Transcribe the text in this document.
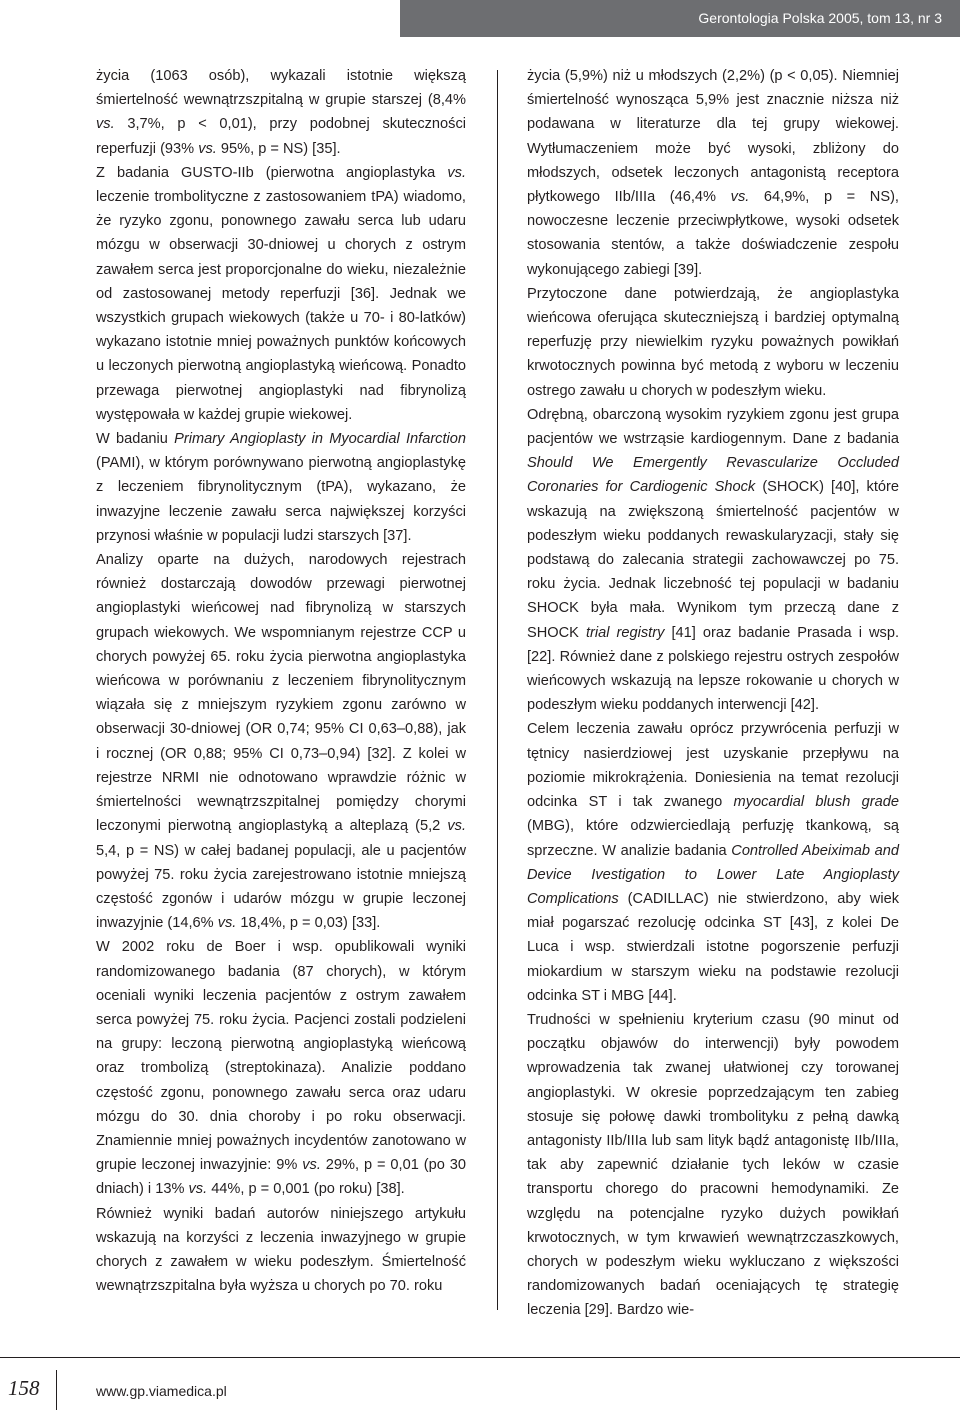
Gerontologia Polska 2005, tom 13, nr 3

życia (1063 osób), wykazali istotnie większą śmiertelność wewnątrzszpitalną w grupie starszej (8,4% vs. 3,7%, p < 0,01), przy podobnej skuteczności reperfuzji (93% vs. 95%, p = NS) [35].

Z badania GUSTO-IIb (pierwotna angioplastyka vs. leczenie trombolityczne z zastosowaniem tPA) wiadomo, że ryzyko zgonu, ponownego zawału serca lub udaru mózgu w obserwacji 30-dniowej u chorych z ostrym zawałem serca jest proporcjonalne do wieku, niezależnie od zastosowanej metody reperfuzji [36]. Jednak we wszystkich grupach wiekowych (także u 70- i 80-latków) wykazano istotnie mniej poważnych punktów końcowych u leczonych pierwotną angioplastyką wieńcową. Ponadto przewaga pierwotnej angioplastyki nad fibrynolizą występowała w każdej grupie wiekowej.

W badaniu Primary Angioplasty in Myocardial Infarction (PAMI), w którym porównywano pierwotną angioplastykę z leczeniem fibrynolitycznym (tPA), wykazano, że inwazyjne leczenie zawału serca największej korzyści przynosi właśnie w populacji ludzi starszych [37].

Analizy oparte na dużych, narodowych rejestrach również dostarczają dowodów przewagi pierwotnej angioplastyki wieńcowej nad fibrynolizą w starszych grupach wiekowych. We wspomnianym rejestrze CCP u chorych powyżej 65. roku życia pierwotna angioplastyka wieńcowa w porównaniu z leczeniem fibrynolitycznym wiązała się z mniejszym ryzykiem zgonu zarówno w obserwacji 30-dniowej (OR 0,74; 95% CI 0,63–0,88), jak i rocznej (OR 0,88; 95% CI 0,73–0,94) [32]. Z kolei w rejestrze NRMI nie odnotowano wprawdzie różnic w śmiertelności wewnątrzszpitalnej pomiędzy chorymi leczonymi pierwotną angioplastyką a alteplazą (5,2 vs. 5,4, p = NS) w całej badanej populacji, ale u pacjentów powyżej 75. roku życia zarejestrowano istotnie mniejszą częstość zgonów i udarów mózgu w grupie leczonej inwazyjnie (14,6% vs. 18,4%, p = 0,03) [33].

W 2002 roku de Boer i wsp. opublikowali wyniki randomizowanego badania (87 chorych), w którym oceniali wyniki leczenia pacjentów z ostrym zawałem serca powyżej 75. roku życia. Pacjenci zostali podzieleni na grupy: leczoną pierwotną angioplastyką wieńcową oraz trombolizą (streptokinaza). Analizie poddano częstość zgonu, ponownego zawału serca oraz udaru mózgu do 30. dnia choroby i po roku obserwacji. Znamiennie mniej poważnych incydentów zanotowano w grupie leczonej inwazyjnie: 9% vs. 29%, p = 0,01 (po 30 dniach) i 13% vs. 44%, p = 0,001 (po roku) [38].

Również wyniki badań autorów niniejszego artykułu wskazują na korzyści z leczenia inwazyjnego w grupie chorych z zawałem w wieku podeszłym. Śmiertelność wewnątrzszpitalna była wyższa u chorych po 70. roku

życia (5,9%) niż u młodszych (2,2%) (p < 0,05). Niemniej śmiertelność wynosząca 5,9% jest znacznie niższa niż podawana w literaturze dla tej grupy wiekowej. Wytłumaczeniem może być wysoki, zbliżony do młodszych, odsetek leczonych antagonistą receptora płytkowego IIb/IIIa (46,4% vs. 64,9%, p = NS), nowoczesne leczenie przeciwpłytkowe, wysoki odsetek stosowania stentów, a także doświadczenie zespołu wykonującego zabiegi [39].

Przytoczone dane potwierdzają, że angioplastyka wieńcowa oferująca skuteczniejszą i bardziej optymalną reperfuzję przy niewielkim ryzyku poważnych powikłań krwotocznych powinna być metodą z wyboru w leczeniu ostrego zawału u chorych w podeszłym wieku.

Odrębną, obarczoną wysokim ryzykiem zgonu jest grupa pacjentów we wstrząsie kardiogennym. Dane z badania Should We Emergently Revascularize Occluded Coronaries for Cardiogenic Shock (SHOCK) [40], które wskazują na zwiększoną śmiertelność pacjentów w podeszłym wieku poddanych rewaskularyzacji, stały się podstawą do zalecania strategii zachowawczej po 75. roku życia. Jednak liczebność tej populacji w badaniu SHOCK była mała. Wynikom tym przeczą dane z SHOCK trial registry [41] oraz badanie Prasada i wsp. [22]. Również dane z polskiego rejestru ostrych zespołów wieńcowych wskazują na lepsze rokowanie u chorych w podeszłym wieku poddanych interwencji [42].

Celem leczenia zawału oprócz przywrócenia perfuzji w tętnicy nasierdziowej jest uzyskanie przepływu na poziomie mikrokrążenia. Doniesienia na temat rezolucji odcinka ST i tak zwanego myocardial blush grade (MBG), które odzwierciedlają perfuzję tkankową, są sprzeczne. W analizie badania Controlled Abeiximab and Device Ivestigation to Lower Late Angioplasty Complications (CADILLAC) nie stwierdzono, aby wiek miał pogarszać rezolucję odcinka ST [43], z kolei De Luca i wsp. stwierdzali istotne pogorszenie perfuzji miokardium w starszym wieku na podstawie rezolucji odcinka ST i MBG [44].

Trudności w spełnieniu kryterium czasu (90 minut od początku objawów do interwencji) były powodem wprowadzenia tak zwanej ułatwionej czy torowanej angioplastyki. W okresie poprzedzającym ten zabieg stosuje się połowę dawki trombolityku z pełną dawką antagonisty IIb/IIIa lub sam lityk bądź antagonistę IIb/IIIa, tak aby zapewnić działanie tych leków w czasie transportu chorego do pracowni hemodynamiki. Ze względu na potencjalne ryzyko dużych powikłań krwotocznych, w tym krwawień wewnątrzczaszkowych, chorych w podeszłym wieku wykluczano z większości randomizowanych badań oceniających tę strategię leczenia [29]. Bardzo wie-

158	www.gp.viamedica.pl
